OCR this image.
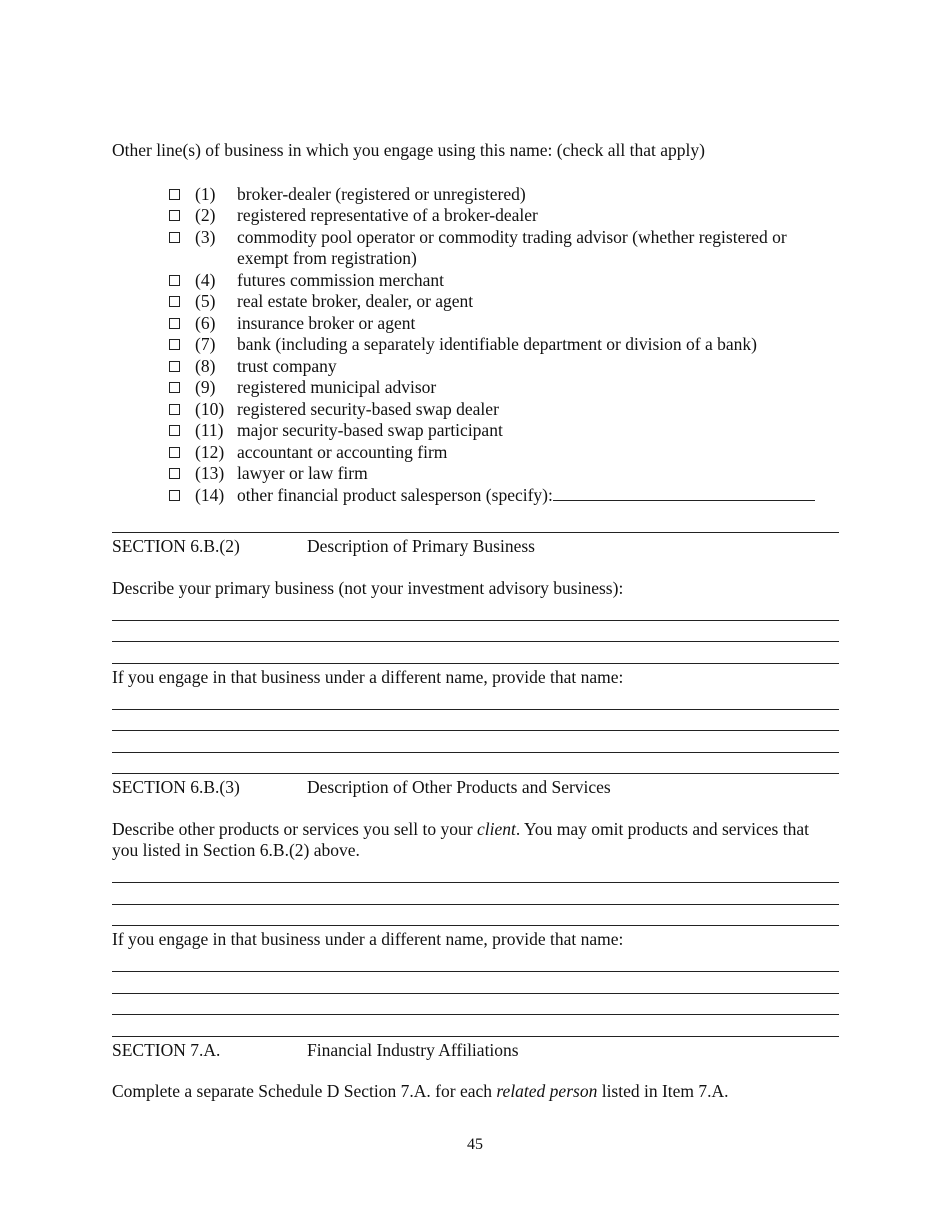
Other line(s) of business in which you engage using this name: (check all that apply)

(1)	broker-dealer (registered or unregistered)
(2)	registered representative of a broker-dealer
(3)	commodity pool operator or commodity trading advisor (whether registered or exempt from registration)
(4)	futures commission merchant
(5)	real estate broker, dealer, or agent
(6)	insurance broker or agent
(7)	bank (including a separately identifiable department or division of a bank)
(8)	trust company
(9)	registered municipal advisor
(10) registered security-based swap dealer
(11) major security-based swap participant
(12) accountant or accounting firm
(13) lawyer or law firm
(14) other financial product salesperson (specify):
SECTION 6.B.(2)	Description of Primary Business

Describe your primary business (not your investment advisory business):

If you engage in that business under a different name, provide that name:

SECTION 6.B.(3)	Description of Other Products and Services

Describe other products or services you sell to your client. You may omit products and services that you listed in Section 6.B.(2) above.

If you engage in that business under a different name, provide that name:

SECTION 7.A.	Financial Industry Affiliations

Complete a separate Schedule D Section 7.A. for each related person listed in Item 7.A.

45
